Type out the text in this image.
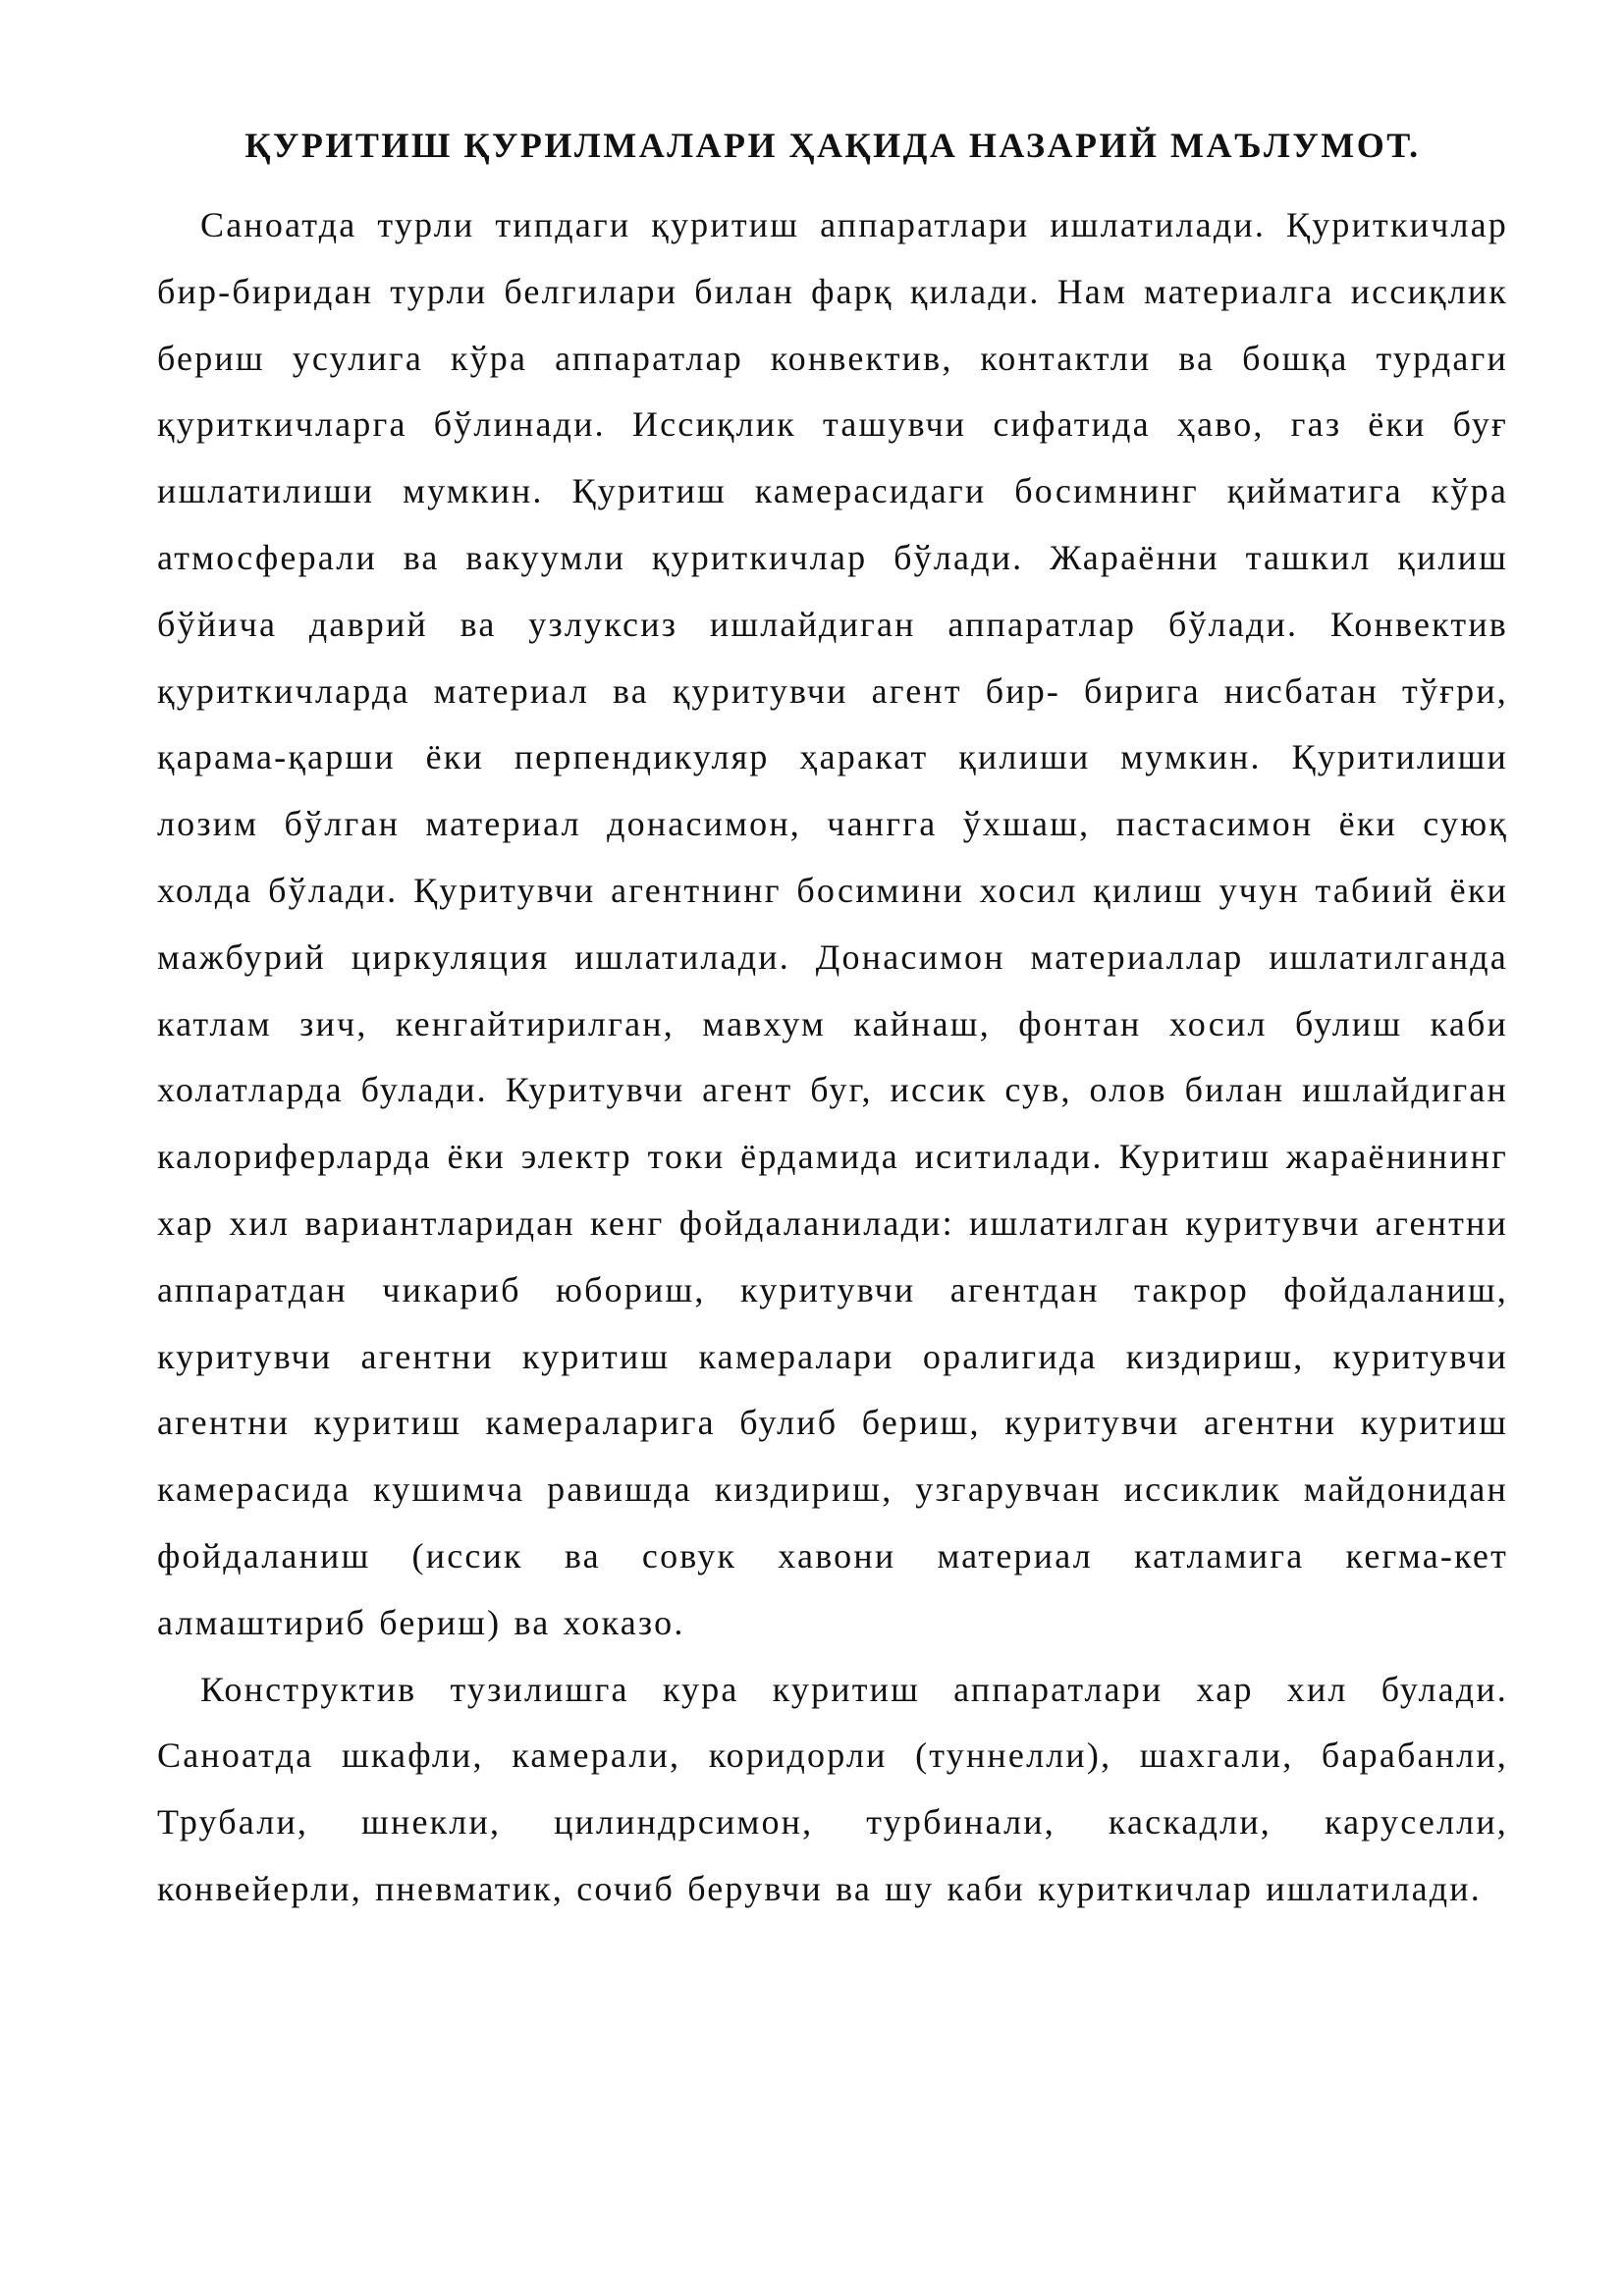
ҚУРИТИШ ҚУРИЛМАЛАРИ ҲАҚИДА НАЗАРИЙ МАЪЛУМОТ.

Саноатда турли типдаги қуритиш аппаратлари ишлатилади. Қуриткичлар бир-биридан турли белгилари билан фарқ қилади. Нам материалга иссиқлик бериш усулига кўра аппаратлар конвектив, контактли ва бошқа турдаги қуриткичларга бўлинади. Иссиқлик ташувчи сифатида ҳаво, газ ёки буғ ишлатилиши мумкин. Қуритиш камерасидаги босимнинг қийматига кўра атмосферали ва вакуумли қуриткичлар бўлади. Жараённи ташкил қилиш бўйича даврий ва узлуксиз ишлайдиган аппаратлар бўлади. Конвектив қуриткичларда материал ва қуритувчи агент бир- бирига нисбатан тўғри, қарама-қарши ёки перпендикуляр ҳаракат қилиши мумкин. Қуритилиши лозим бўлган материал донасимон, чангга ўхшаш, пастасимон ёки суюқ холда бўлади. Қуритувчи агентнинг босимини хосил қилиш учун табиий ёки мажбурий циркуляция ишлатилади. Донасимон материаллар ишлатилганда катлам зич, кенгайтирилган, мавхум кайнаш, фонтан хосил булиш каби холатларда булади. Куритувчи агент буг, иссик сув, олов билан ишлайдиган калориферларда ёки электр токи ёрдамида иситилади. Куритиш жараёнининг хар хил вариантларидан кенг фойдаланилади: ишлатилган куритувчи агентни аппаратдан чикариб юбориш, куритувчи агентдан такрор фойдаланиш, куритувчи агентни куритиш камералари оралигида киздириш, куритувчи агентни куритиш камераларига булиб бериш, куритувчи агентни куритиш камерасида кушимча равишда киздириш, узгарувчан иссиклик майдонидан фойдаланиш (иссик ва совук хавони материал катламига кегма-кет алмаштириб бериш) ва хоказо.

Конструктив тузилишга кура куритиш аппаратлари хар хил булади. Саноатда шкафли, камерали, коридорли (туннелли), шахгали, барабанли, Трубали, шнекли, цилиндрсимон, турбинали, каскадли, каруселли, конвейерли, пневматик, сочиб берувчи ва шу каби куриткичлар ишлатилади.
